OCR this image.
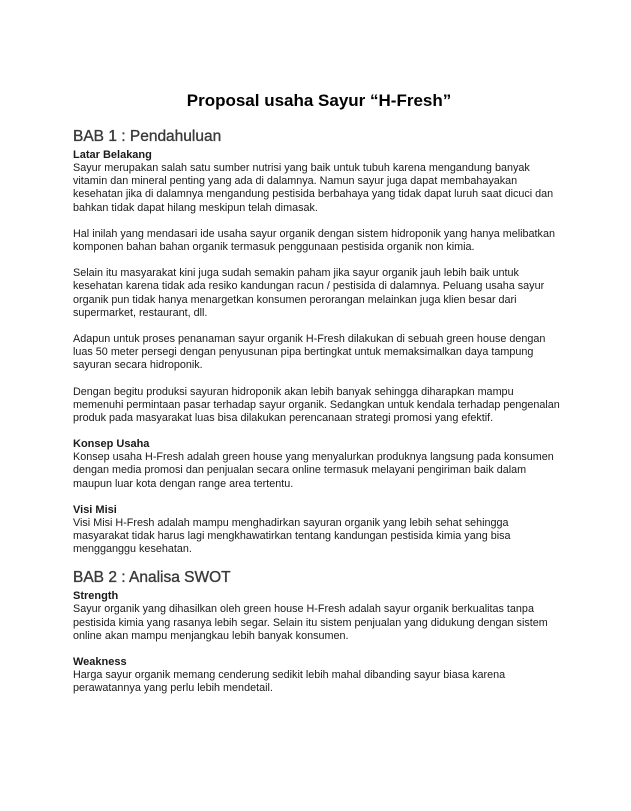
Proposal usaha Sayur “H-Fresh”
BAB 1 : Pendahuluan
Latar Belakang

Sayur merupakan salah satu sumber nutrisi yang baik untuk tubuh karena mengandung banyak vitamin dan mineral penting yang ada di dalamnya. Namun sayur juga dapat membahayakan kesehatan jika di dalamnya mengandung pestisida berbahaya yang tidak dapat luruh saat dicuci dan bahkan tidak dapat hilang meskipun telah dimasak.

Hal inilah yang mendasari ide usaha sayur organik dengan sistem hidroponik yang hanya melibatkan komponen bahan bahan organik termasuk penggunaan pestisida organik non kimia.

Selain itu masyarakat kini juga sudah semakin paham jika sayur organik jauh lebih baik untuk kesehatan karena tidak ada resiko kandungan racun / pestisida di dalamnya. Peluang usaha sayur organik pun tidak hanya menargetkan konsumen perorangan melainkan juga klien besar dari supermarket, restaurant, dll.

Adapun untuk proses penanaman sayur organik H-Fresh dilakukan di sebuah green house dengan luas 50 meter persegi dengan penyusunan pipa bertingkat untuk memaksimalkan daya tampung sayuran secara hidroponik.

Dengan begitu produksi sayuran hidroponik akan lebih banyak sehingga diharapkan mampu memenuhi permintaan pasar terhadap sayur organik. Sedangkan untuk kendala terhadap pengenalan produk pada masyarakat luas bisa dilakukan perencanaan strategi promosi yang efektif.

Konsep Usaha

Konsep usaha H-Fresh adalah green house yang menyalurkan produknya langsung pada konsumen dengan media promosi dan penjualan secara online termasuk melayani pengiriman baik dalam maupun luar kota dengan range area tertentu.

Visi Misi

Visi Misi H-Fresh adalah mampu menghadirkan sayuran organik yang lebih sehat sehingga masyarakat tidak harus lagi mengkhawatirkan tentang kandungan pestisida kimia yang bisa mengganggu kesehatan.

BAB 2 : Analisa SWOT
Strength

Sayur organik yang dihasilkan oleh green house H-Fresh adalah sayur organik berkualitas tanpa pestisida kimia yang rasanya lebih segar. Selain itu sistem penjualan yang didukung dengan sistem online akan mampu menjangkau lebih banyak konsumen.

Weakness

Harga sayur organik memang cenderung sedikit lebih mahal dibanding sayur biasa karena perawatannya yang perlu lebih mendetail.
